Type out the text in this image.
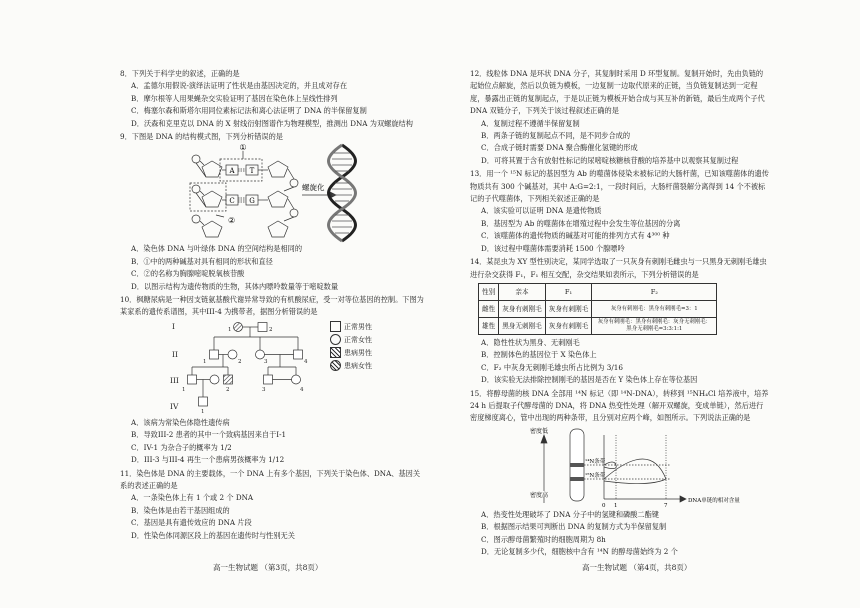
8．下列关于科学史的叙述，正确的是

A．孟德尔用假说-演绎法证明了性状是由基因决定的，并且成对存在

B．摩尔根等人用果蝇杂交实验证明了基因在染色体上呈线性排列

C．梅塞尔森和斯塔尔用同位素标记法和离心法证明了 DNA 的半保留复制

D．沃森和克里克以 DNA 的 X 射线衍射图谱作为物理模型，推测出 DNA 为双螺旋结构

9．下图是 DNA 的结构模式图，下列分析错误的是

①
②
A T
C G
螺旋化

A．染色体 DNA 与叶绿体 DNA 的空间结构是相同的

B．①中的两种碱基对具有相同的形状和直径

C．②的名称为胸腺嘧啶脱氧核苷酸

D．以图示结构为遗传物质的生物，其体内嘌呤数量等于嘧啶数量

10．枫糖尿病是一种因支链氨基酸代谢异常导致的有机酸尿症，受一对等位基因的控制。下图为某家系的遗传系谱图，其中III-4 为携带者，据图分析错误的是

I
II
III
IV
1	2
1	2	3	4
1	2	3	4
1
正常男性
正常女性
患病男性
患病女性

A．该病为常染色体隐性遗传病

B．导致III-2 患者的其中一个致病基因来自于I-1

C．IV-1 为杂合子的概率为 1/2

D．III-3 与III-4 再生一个患病男孩概率为 1/12

11．染色体是 DNA 的主要载体，一个 DNA 上有多个基因，下列关于染色体、DNA、基因关系的表述正确的是

A．一条染色体上有 1 个或 2 个 DNA

B．染色体是由若干基因组成的

C．基因是具有遗传效应的 DNA 片段

D．性染色体同源区段上的基因在遗传时与性别无关

12．线粒体 DNA 是环状 DNA 分子，其复制时采用 D 环型复制。复制开始时，先由负链的起始位点解旋，然后以负链为模板，一边复制一边取代原来的正链，当负链复制达到一定程度，暴露出正链的复制起点，于是以正链为模板开始合成与其互补的新链，最后生成两个子代 DNA 双链分子，下列关于该过程叙述正确的是

A．复制过程不遵循半保留复制

B．两条子链的复制起点不同，是不同步合成的

C．合成子链时需要 DNA 聚合酶催化氢键的形成

D．可将其置于含有放射性标记的尿嘧啶核糖核苷酸的培养基中以观察其复制过程

13．用一个 ¹⁵N 标记的基因型为 Ab 的噬菌体侵染未被标记的大肠杆菌，已知该噬菌体的遗传物质共有 300 个碱基对，其中 A:G=2:1，一段时间后，大肠杆菌裂解分离得到 14 个不被标记的子代噬菌体，下列相关叙述正确的是

A．该实验可以证明 DNA 是遗传物质

B．基因型为 Ab 的噬菌体在增殖过程中会发生等位基因的分离

C．该噬菌体的遗传物质的碱基对可能的排列方式有 4³⁰⁰ 种

D．该过程中噬菌体需要消耗 1500 个腺嘌呤

14．某昆虫为 XY 型性别决定，某同学选取了一只灰身有刺刚毛雌虫与一只黑身无刺刚毛雄虫进行杂交获得 F₁，F₁ 相互交配，杂交结果如表所示，下列分析错误的是

性别	亲本	F₁	F₂
雌性	灰身有刺刚毛	灰身有刺刚毛	灰身有刺刚毛：黑身有刺刚毛=3：1
雄性	黑身无刺刚毛	灰身有刺刚毛	灰身有刺刚毛：黑身有刺刚毛：灰身无刺刚毛：黑身无刺刚毛=3:3:1:1

A．隐性性状为黑身、无刺刚毛

B．控制体色的基因位于 X 染色体上

C．F₂ 中灰身无刺刚毛雄虫所占比例为 3/16

D．该实验无法排除控制刚毛的基因是否在 Y 染色体上存在等位基因

15．将醇母菌的核 DNA 全部用 ¹⁴N 标记（即 ¹⁴N-DNA），转移到 ¹⁵NH₄Cl 培养液中，培养 24 h 后提取子代酵母菌的 DNA，将 DNA 热变性处理（解开双螺旋，变成单链），然后进行密度梯度离心，管中出现的两种条带，且分别对应两个峰，如图所示。下列说法正确的是

密度低
密度高
¹⁴N条带
¹⁵N条带
0 1	7
DNA单链的相对含量

A．热变性处理破坏了 DNA 分子中的氢键和磷酸二酯键

B．根据图示结果可判断出 DNA 的复制方式为半保留复制

C．图示醇母菌繁殖时的细胞周期为 8h

D．无论复制多少代，细胞核中含有 ¹⁴N 的醇母菌始终为 2 个

高一生物试题 （第3页，共8页）	高一生物试题 （第4页，共8页）
